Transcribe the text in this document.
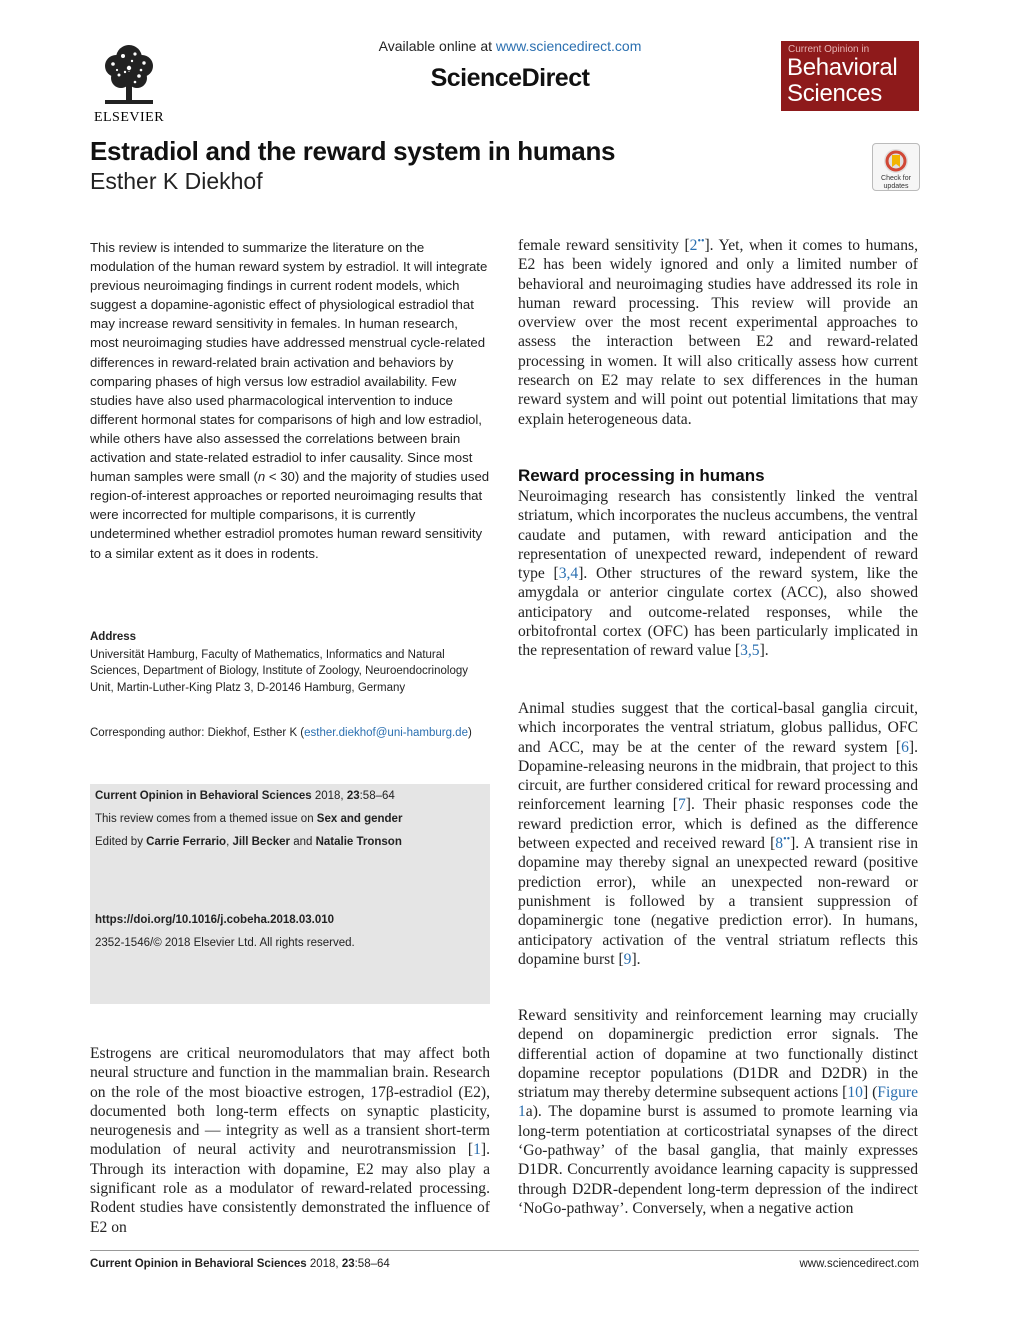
ELSEVIER
Available online at www.sciencedirect.com
ScienceDirect
Current Opinion in
Behavioral
Sciences
Estradiol and the reward system in humans
Esther K Diekhof	Check for
updates
This review is intended to summarize the literature on the modulation of the human reward system by estradiol. It will integrate previous neuroimaging findings in current rodent models, which suggest a dopamine-agonistic effect of physiological estradiol that may increase reward sensitivity in females. In human research, most neuroimaging studies have addressed menstrual cycle-related differences in reward-related brain activation and behaviors by comparing phases of high versus low estradiol availability. Few studies have also used pharmacological intervention to induce different hormonal states for comparisons of high and low estradiol, while others have also assessed the correlations between brain activation and state-related estradiol to infer causality. Since most human samples were small (n < 30) and the majority of studies used region-of-interest approaches or reported neuroimaging results that were incorrected for multiple comparisons, it is currently undetermined whether estradiol promotes human reward sensitivity to a similar extent as it does in rodents.
Address
Universität Hamburg, Faculty of Mathematics, Informatics and Natural Sciences, Department of Biology, Institute of Zoology, Neuroendocrinology Unit, Martin-Luther-King Platz 3, D-20146 Hamburg, Germany
Corresponding author: Diekhof, Esther K (esther.diekhof@uni-hamburg.de)
Current Opinion in Behavioral Sciences 2018, 23:58–64
This review comes from a themed issue on Sex and gender
Edited by Carrie Ferrario, Jill Becker and Natalie Tronson
https://doi.org/10.1016/j.cobeha.2018.03.010
2352-1546/© 2018 Elsevier Ltd. All rights reserved.
Estrogens are critical neuromodulators that may affect both neural structure and function in the mammalian brain. Research on the role of the most bioactive estrogen, 17β-estradiol (E2), documented both long-term effects on synaptic plasticity, neurogenesis and — integrity as well as a transient short-term modulation of neural activity and neurotransmission [1]. Through its interaction with dopamine, E2 may also play a significant role as a modulator of reward-related processing. Rodent studies have consistently demonstrated the influence of E2 on
female reward sensitivity [2••]. Yet, when it comes to humans, E2 has been widely ignored and only a limited number of behavioral and neuroimaging studies have addressed its role in human reward processing. This review will provide an overview over the most recent experimental approaches to assess the interaction between E2 and reward-related processing in women. It will also critically assess how current research on E2 may relate to sex differences in the human reward system and will point out potential limitations that may explain heterogeneous data.
Reward processing in humans
Neuroimaging research has consistently linked the ventral striatum, which incorporates the nucleus accumbens, the ventral caudate and putamen, with reward anticipation and the representation of unexpected reward, independent of reward type [3,4]. Other structures of the reward system, like the amygdala or anterior cingulate cortex (ACC), also showed anticipatory and outcome-related responses, while the orbitofrontal cortex (OFC) has been particularly implicated in the representation of reward value [3,5].
Animal studies suggest that the cortical-basal ganglia circuit, which incorporates the ventral striatum, globus pallidus, OFC and ACC, may be at the center of the reward system [6]. Dopamine-releasing neurons in the midbrain, that project to this circuit, are further considered critical for reward processing and reinforcement learning [7]. Their phasic responses code the reward prediction error, which is defined as the difference between expected and received reward [8••]. A transient rise in dopamine may thereby signal an unexpected reward (positive prediction error), while an unexpected non-reward or punishment is followed by a transient suppression of dopaminergic tone (negative prediction error). In humans, anticipatory activation of the ventral striatum reflects this dopamine burst [9].
Reward sensitivity and reinforcement learning may crucially depend on dopaminergic prediction error signals. The differential action of dopamine at two functionally distinct dopamine receptor populations (D1DR and D2DR) in the striatum may thereby determine subsequent actions [10] (Figure 1a). The dopamine burst is assumed to promote learning via long-term potentiation at corticostriatal synapses of the direct ‘Go-pathway’ of the basal ganglia, that mainly expresses D1DR. Concurrently avoidance learning capacity is suppressed through D2DR-dependent long-term depression of the indirect ‘NoGo-pathway’. Conversely, when a negative action
Current Opinion in Behavioral Sciences 2018, 23:58–64	www.sciencedirect.com
